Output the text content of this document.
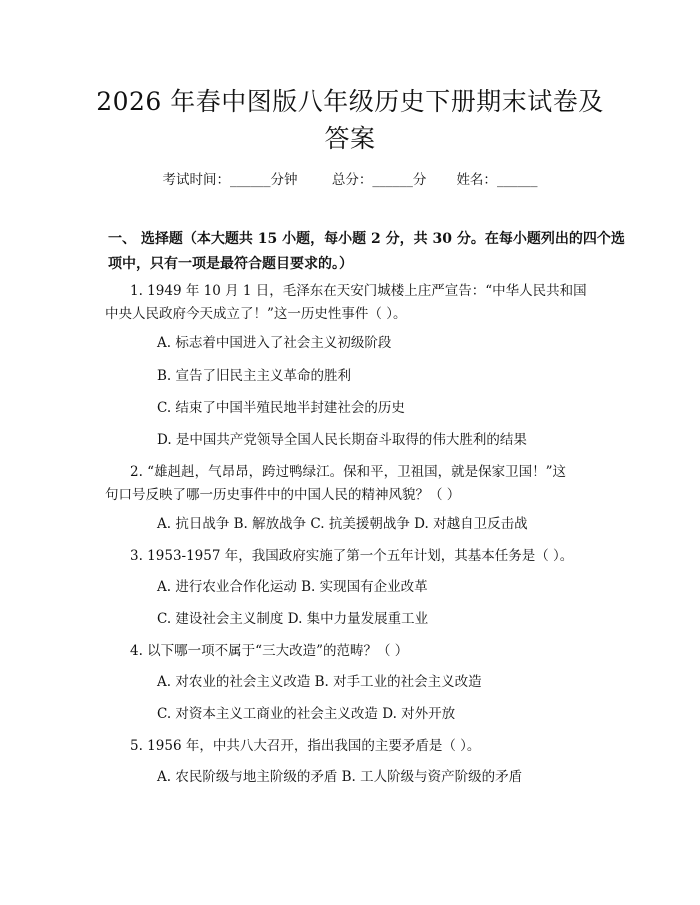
2026 年春中图版八年级历史下册期末试卷及
答案
考试时间：______分钟	总分：______分 姓名：______
一、 选择题（本大题共 15 小题，每小题 2 分，共 30 分。在每小题列出的四个选
项中，只有一项是最符合题目要求的。）
1. 1949 年 10 月 1 日，毛泽东在天安门城楼上庄严宣告：“中华人民共和国
中央人民政府今天成立了！”这一历史性事件（ ）。
A. 标志着中国进入了社会主义初级阶段
B. 宣告了旧民主主义革命的胜利
C. 结束了中国半殖民地半封建社会的历史
D. 是中国共产党领导全国人民长期奋斗取得的伟大胜利的结果
2. “雄赳赳，气昂昂，跨过鸭绿江。保和平，卫祖国，就是保家卫国！”这
句口号反映了哪一历史事件中的中国人民的精神风貌？（ ）
A. 抗日战争 B. 解放战争 C. 抗美援朝战争 D. 对越自卫反击战
3. 1953-1957 年，我国政府实施了第一个五年计划，其基本任务是（ ）。
A. 进行农业合作化运动 B. 实现国有企业改革
C. 建设社会主义制度 D. 集中力量发展重工业
4. 以下哪一项不属于“三大改造”的范畴？（ ）
A. 对农业的社会主义改造 B. 对手工业的社会主义改造
C. 对资本主义工商业的社会主义改造 D. 对外开放
5. 1956 年，中共八大召开，指出我国的主要矛盾是（ ）。
A. 农民阶级与地主阶级的矛盾 B. 工人阶级与资产阶级的矛盾
